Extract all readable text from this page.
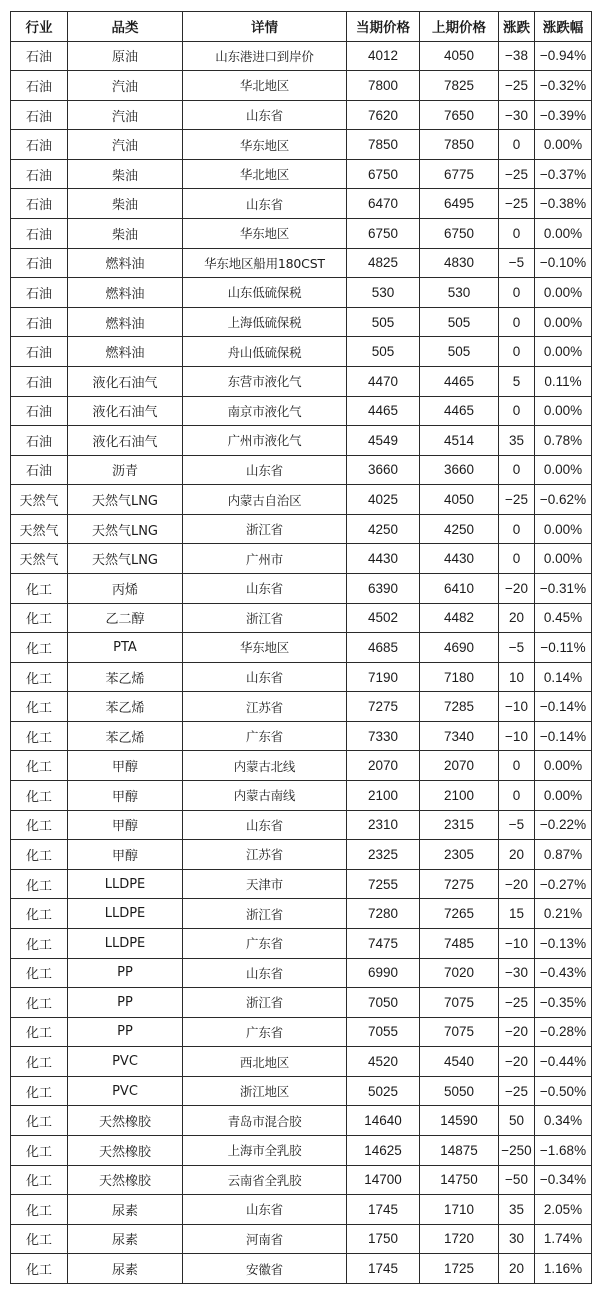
行业	品类	详情	当期价格	上期价格	涨跌	涨跌幅
石油	原油	山东港进口到岸价	4012	4050	−38	−0.94%
石油	汽油	华北地区	7800	7825	−25	−0.32%
石油	汽油	山东省	7620	7650	−30	−0.39%
石油	汽油	华东地区	7850	7850	0	0.00%
石油	柴油	华北地区	6750	6775	−25	−0.37%
石油	柴油	山东省	6470	6495	−25	−0.38%
石油	柴油	华东地区	6750	6750	0	0.00%
石油	燃料油	华东地区船用180CST	4825	4830	−5	−0.10%
石油	燃料油	山东低硫保税	530	530	0	0.00%
石油	燃料油	上海低硫保税	505	505	0	0.00%
石油	燃料油	舟山低硫保税	505	505	0	0.00%
石油	液化石油气	东营市液化气	4470	4465	5	0.11%
石油	液化石油气	南京市液化气	4465	4465	0	0.00%
石油	液化石油气	广州市液化气	4549	4514	35	0.78%
石油	沥青	山东省	3660	3660	0	0.00%
天然气	天然气LNG	内蒙古自治区	4025	4050	−25	−0.62%
天然气	天然气LNG	浙江省	4250	4250	0	0.00%
天然气	天然气LNG	广州市	4430	4430	0	0.00%
化工	丙烯	山东省	6390	6410	−20	−0.31%
化工	乙二醇	浙江省	4502	4482	20	0.45%
化工	PTA	华东地区	4685	4690	−5	−0.11%
化工	苯乙烯	山东省	7190	7180	10	0.14%
化工	苯乙烯	江苏省	7275	7285	−10	−0.14%
化工	苯乙烯	广东省	7330	7340	−10	−0.14%
化工	甲醇	内蒙古北线	2070	2070	0	0.00%
化工	甲醇	内蒙古南线	2100	2100	0	0.00%
化工	甲醇	山东省	2310	2315	−5	−0.22%
化工	甲醇	江苏省	2325	2305	20	0.87%
化工	LLDPE	天津市	7255	7275	−20	−0.27%
化工	LLDPE	浙江省	7280	7265	15	0.21%
化工	LLDPE	广东省	7475	7485	−10	−0.13%
化工	PP	山东省	6990	7020	−30	−0.43%
化工	PP	浙江省	7050	7075	−25	−0.35%
化工	PP	广东省	7055	7075	−20	−0.28%
化工	PVC	西北地区	4520	4540	−20	−0.44%
化工	PVC	浙江地区	5025	5050	−25	−0.50%
化工	天然橡胶	青岛市混合胶	14640	14590	50	0.34%
化工	天然橡胶	上海市全乳胶	14625	14875	−250	−1.68%
化工	天然橡胶	云南省全乳胶	14700	14750	−50	−0.34%
化工	尿素	山东省	1745	1710	35	2.05%
化工	尿素	河南省	1750	1720	30	1.74%
化工	尿素	安徽省	1745	1725	20	1.16%
